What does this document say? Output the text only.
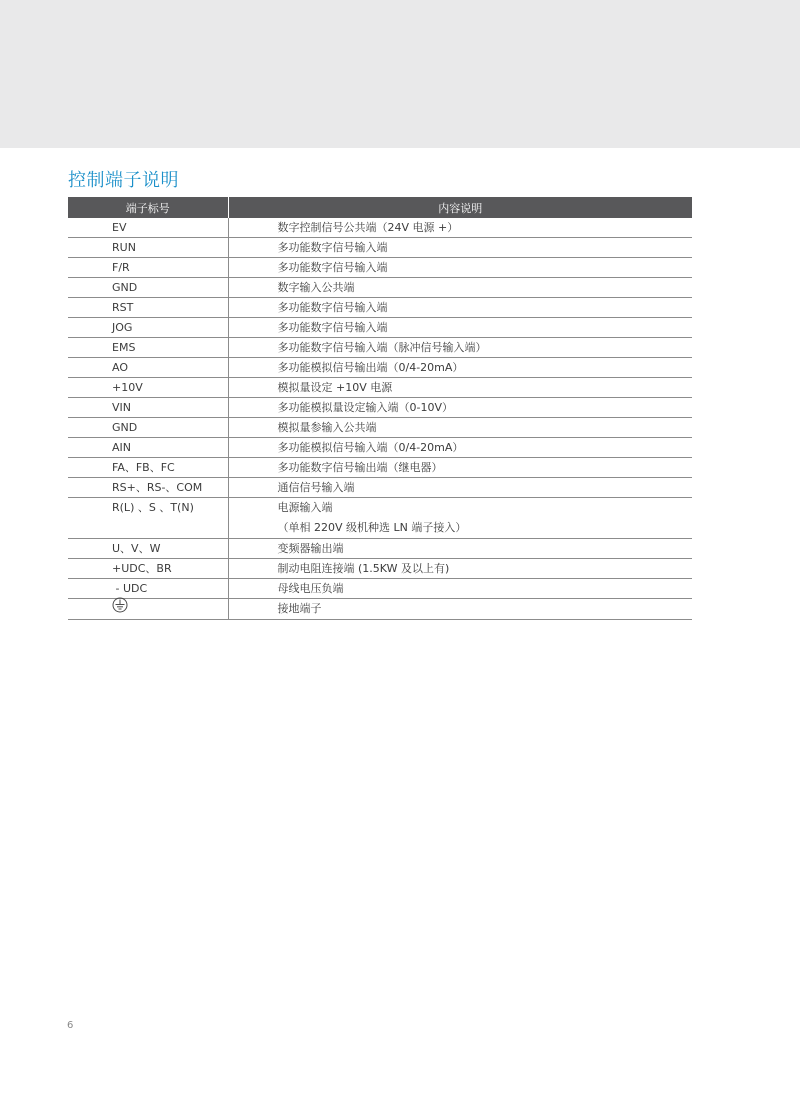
控制端子说明
端子标号	内容说明
EV	数字控制信号公共端（24V 电源 +）
RUN	多功能数字信号输入端
F/R	多功能数字信号输入端
GND	数字输入公共端
RST	多功能数字信号输入端
JOG	多功能数字信号输入端
EMS	多功能数字信号输入端（脉冲信号输入端）
AO	多功能模拟信号输出端（0/4-20mA）
+10V	模拟量设定 +10V 电源
VIN	多功能模拟量设定输入端（0-10V）
GND	模拟量参输入公共端
AIN	多功能模拟信号输入端（0/4-20mA）
FA、FB、FC	多功能数字信号输出端（继电器）
RS+、RS-、COM	通信信号输入端
R(L) 、S 、T(N)	电源输入端
（单相 220V 级机种选 LN 端子接入）

U、V、W	变频器输出端
+UDC、BR	制动电阻连接端 (1.5KW 及以上有)
- UDC	母线电压负端
	接地端子
6
